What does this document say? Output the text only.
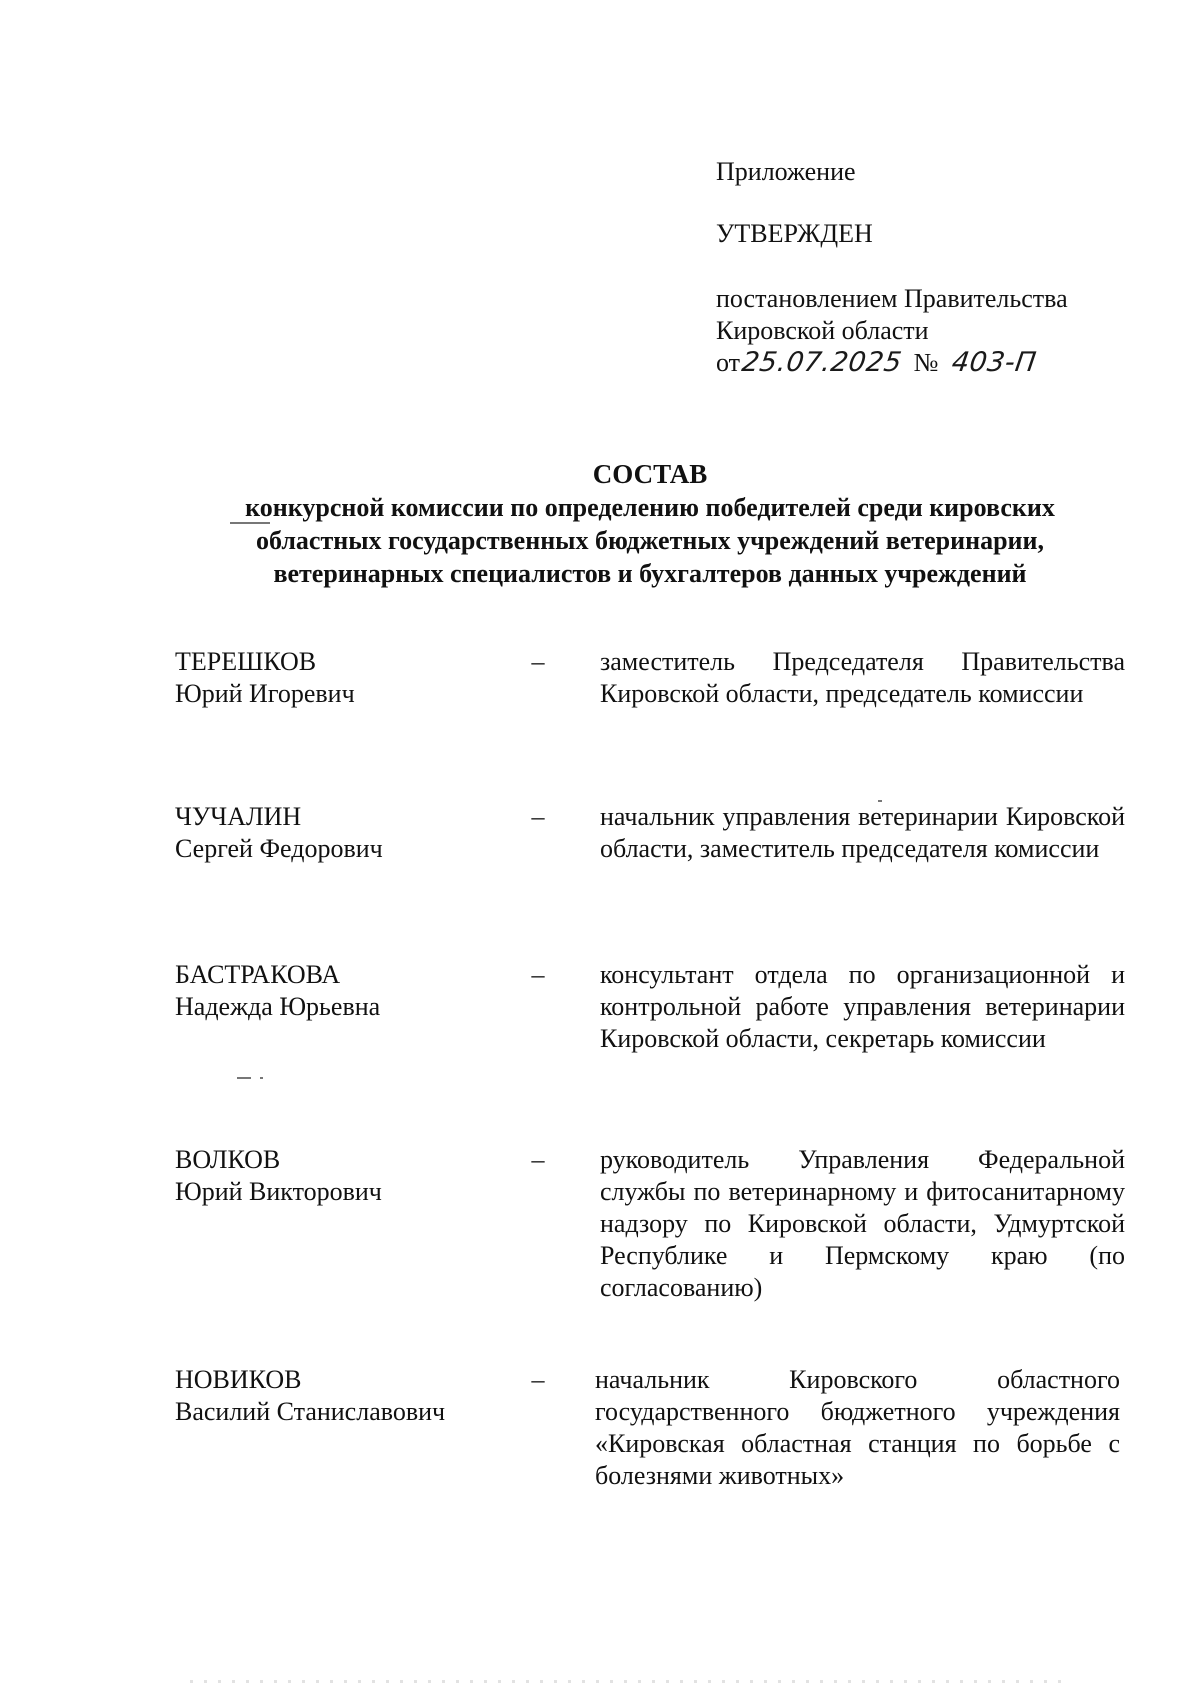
Приложение
УТВЕРЖДЕН
постановлением Правительства
Кировской области
от 25.07.2025 № 403-П
СОСТАВ
конкурсной комиссии по определению победителей среди кировских
областных государственных бюджетных учреждений ветеринарии,
ветеринарных специалистов и бухгалтеров данных учреждений
ТЕРЕШКОВ
Юрий Игоревич
–	заместитель Председателя Правительства Кировской области, председатель комиссии
ЧУЧАЛИН
Сергей Федорович
–	начальник управления ветеринарии Кировской области, заместитель председателя комиссии
БАСТРАКОВА
Надежда Юрьевна
–	консультант отдела по организационной и контрольной работе управления ветеринарии Кировской области, секретарь комиссии
ВОЛКОВ
Юрий Викторович
–	руководитель Управления Федеральной службы по ветеринарному и фитосанитарному надзору по Кировской области, Удмуртской Республике и Пермскому краю (по согласованию)
НОВИКОВ
Василий Станиславович
–	начальник Кировского областного государственного бюджетного учреждения «Кировская областная станция по борьбе с болезнями животных»
